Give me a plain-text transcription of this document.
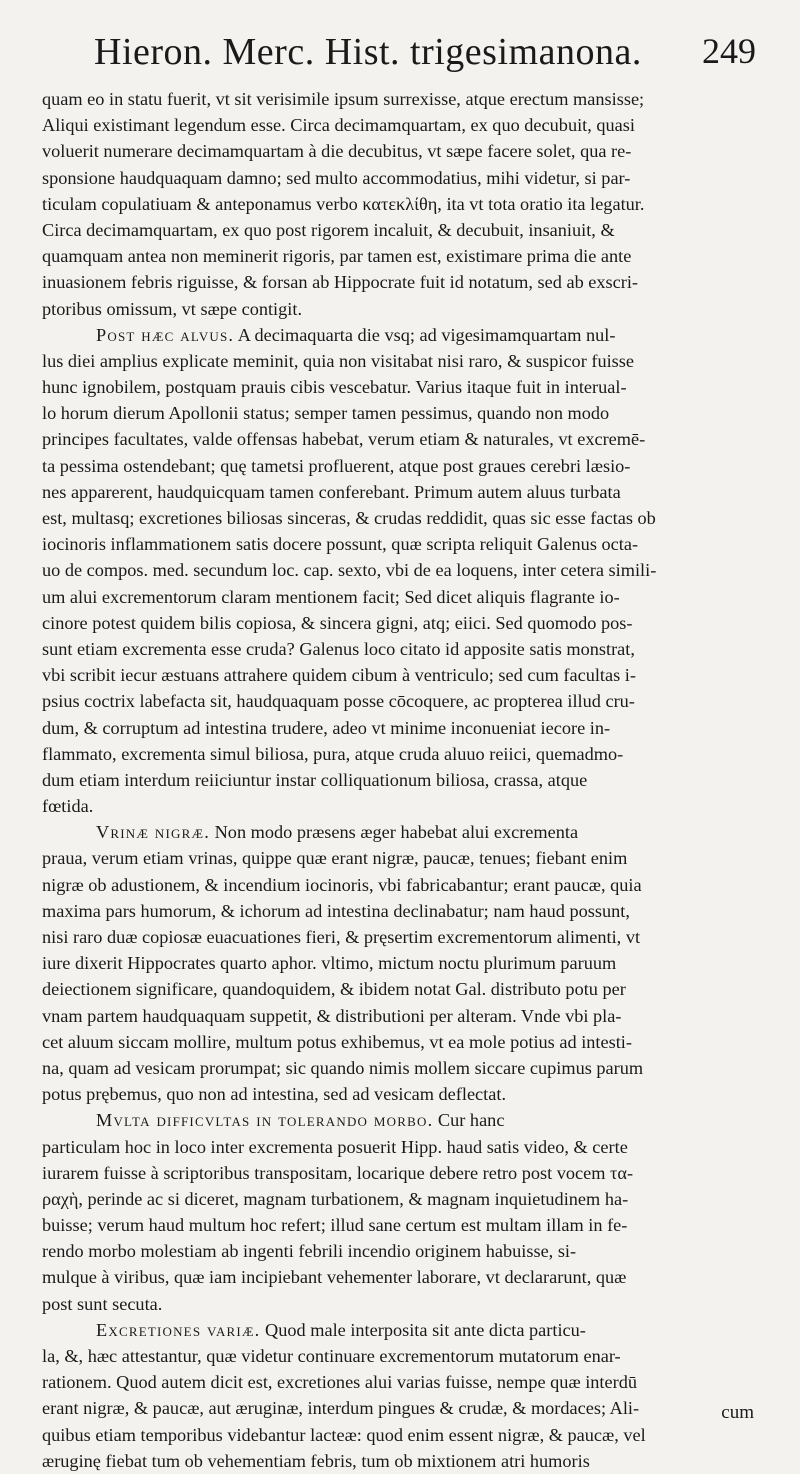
Hieron. Merc. Hist. trigesimanona. 249
quam eo in statu fuerit, vt sit verisimile ipsum surrexisse, atque erectum mansisse;
Aliqui existimant legendum esse. Circa decimamquartam, ex quo decubuit, quasi
voluerit numerare decimamquartam à die decubitus, vt sæpe facere solet, qua re-
sponsione haudquaquam damno; sed multo accommodatius, mihi videtur, si par-
ticulam copulatiuam & anteponamus verbo κατεκλίθη, ita vt tota oratio ita legatur.
Circa decimamquartam, ex quo post rigorem incaluit, & decubuit, insaniuit, &
quamquam antea non meminerit rigoris, par tamen est, existimare prima die ante
inuasionem febris riguisse, & forsan ab Hippocrate fuit id notatum, sed ab exscri-
ptoribus omissum, vt sæpe contigit.
Post hæc alvus. A decimaquarta die vsq; ad vigesimamquartam nul-
lus diei amplius explicate meminit, quia non visitabat nisi raro, & suspicor fuisse
hunc ignobilem, postquam prauis cibis vescebatur. Varius itaque fuit in interual-
lo horum dierum Apollonii status; semper tamen pessimus, quando non modo
principes facultates, valde offensas habebat, verum etiam & naturales, vt excremē-
ta pessima ostendebant; quę tametsi profluerent, atque post graues cerebri læsio-
nes apparerent, haudquicquam tamen conferebant. Primum autem aluus turbata
est, multasq; excretiones biliosas sinceras, & crudas reddidit, quas sic esse factas ob
iocinoris inflammationem satis docere possunt, quæ scripta reliquit Galenus octa-
uo de compos. med. secundum loc. cap. sexto, vbi de ea loquens, inter cetera simili-
um alui excrementorum claram mentionem facit; Sed dicet aliquis flagrante io-
cinore potest quidem bilis copiosa, & sincera gigni, atq; eiici. Sed quomodo pos-
sunt etiam excrementa esse cruda? Galenus loco citato id apposite satis monstrat,
vbi scribit iecur æstuans attrahere quidem cibum à ventriculo; sed cum facultas i-
psius coctrix labefacta sit, haudquaquam posse cōcoquere, ac propterea illud cru-
dum, & corruptum ad intestina trudere, adeo vt minime inconueniat iecore in-
flammato, excrementa simul biliosa, pura, atque cruda aluuo reiici, quemadmo-
dum etiam interdum reiiciuntur instar colliquationum biliosa, crassa, atque
fœtida.
Vrinæ nigræ. Non modo præsens æger habebat alui excrementa
praua, verum etiam vrinas, quippe quæ erant nigræ, paucæ, tenues; fiebant enim
nigræ ob adustionem, & incendium iocinoris, vbi fabricabantur; erant paucæ, quia
maxima pars humorum, & ichorum ad intestina declinabatur; nam haud possunt,
nisi raro duæ copiosæ euacuationes fieri, & pręsertim excrementorum alimenti, vt
iure dixerit Hippocrates quarto aphor. vltimo, mictum noctu plurimum paruum
deiectionem significare, quandoquidem, & ibidem notat Gal. distributo potu per
vnam partem haudquaquam suppetit, & distributioni per alteram. Vnde vbi pla-
cet aluum siccam mollire, multum potus exhibemus, vt ea mole potius ad intesti-
na, quam ad vesicam prorumpat; sic quando nimis mollem siccare cupimus parum
potus prębemus, quo non ad intestina, sed ad vesicam deflectat.
Mvlta difficvltas in tolerando morbo. Cur hanc
particulam hoc in loco inter excrementa posuerit Hipp. haud satis video, & certe
iurarem fuisse à scriptoribus transpositam, locarique debere retro post vocem τα-
ραχὴ, perinde ac si diceret, magnam turbationem, & magnam inquietudinem ha-
buisse; verum haud multum hoc refert; illud sane certum est multam illam in fe-
rendo morbo molestiam ab ingenti febrili incendio originem habuisse, si-
mulque à viribus, quæ iam incipiebant vehementer laborare, vt declararunt, quæ
post sunt secuta.
Excretiones variæ. Quod male interposita sit ante dicta particu-
la, &, hæc attestantur, quæ videtur continuare excrementorum mutatorum enar-
rationem. Quod autem dicit est, excretiones alui varias fuisse, nempe quæ interdū
erant nigræ, & paucæ, aut æruginæ, interdum pingues & crudæ, & mordaces; Ali-
quibus etiam temporibus videbantur lacteæ: quod enim essent nigræ, & paucæ, vel
æruginę fiebat tum ob vehementiam febris, tum ob mixtionem atri humoris
cum
